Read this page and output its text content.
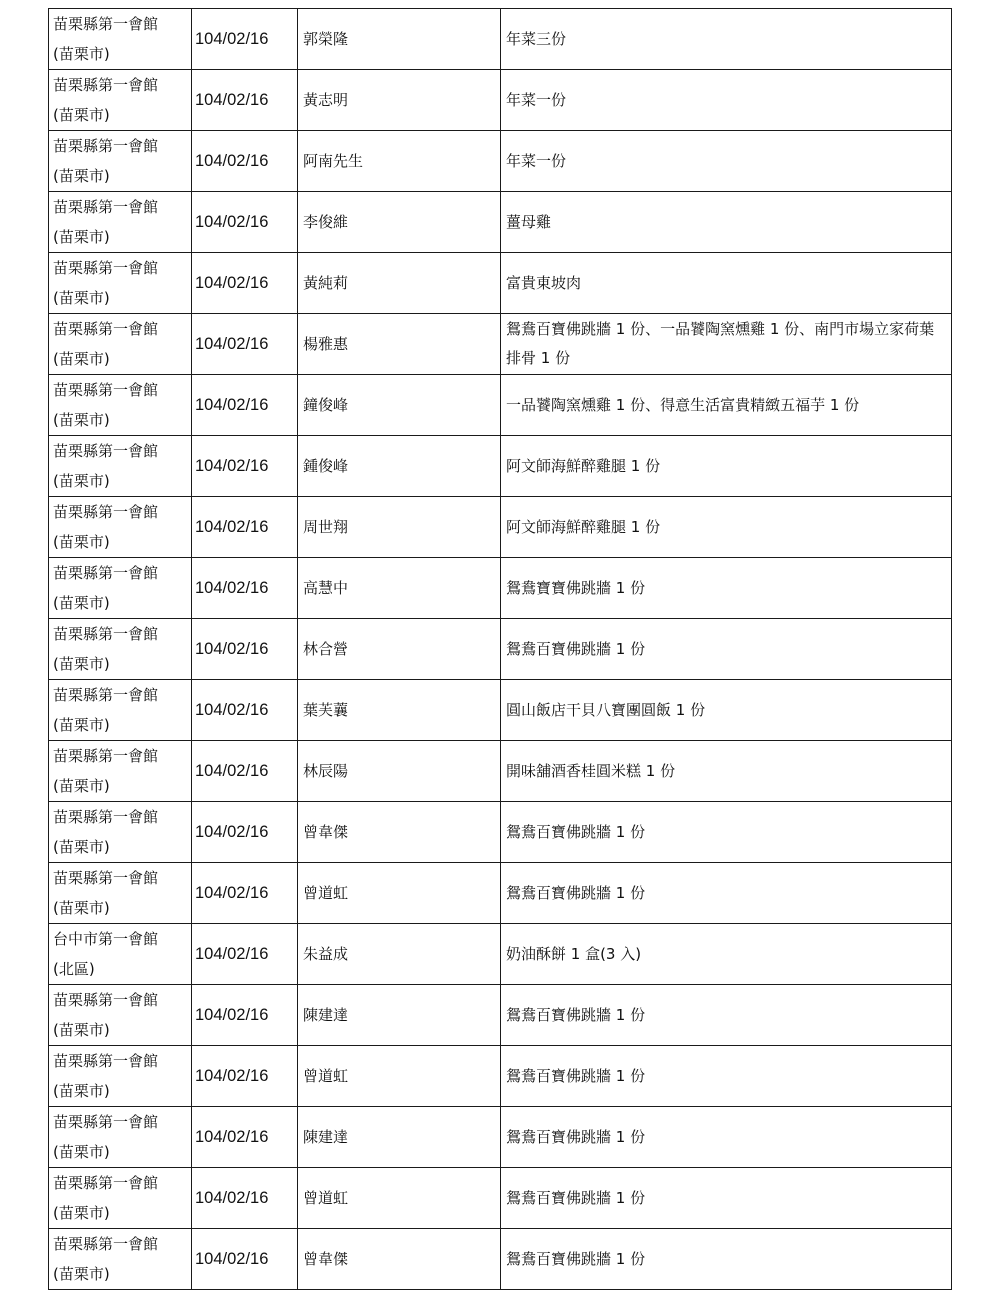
苗栗縣第一會館
(苗栗市)	104/02/16	郭榮隆	年菜三份

苗栗縣第一會館
(苗栗市)	104/02/16	黃志明	年菜一份

苗栗縣第一會館
(苗栗市)	104/02/16	阿南先生	年菜一份

苗栗縣第一會館
(苗栗市)	104/02/16	李俊維	薑母雞

苗栗縣第一會館
(苗栗市)	104/02/16	黃純莉	富貴東坡肉

苗栗縣第一會館
(苗栗市)	104/02/16	楊雅惠	鴛鴦百寶佛跳牆 1 份、一品饕陶窯燻雞 1 份、南門市場立家荷葉排骨 1 份

苗栗縣第一會館
(苗栗市)	104/02/16	鐘俊峰	一品饕陶窯燻雞 1 份、得意生活富貴精緻五福芋 1 份

苗栗縣第一會館
(苗栗市)	104/02/16	鍾俊峰	阿文師海鮮醉雞腿 1 份

苗栗縣第一會館
(苗栗市)	104/02/16	周世翔	阿文師海鮮醉雞腿 1 份

苗栗縣第一會館
(苗栗市)	104/02/16	高慧中	鴛鴦寶寶佛跳牆 1 份

苗栗縣第一會館
(苗栗市)	104/02/16	林合營	鴛鴦百寶佛跳牆 1 份

苗栗縣第一會館
(苗栗市)	104/02/16	葉芙蘘	圓山飯店干貝八寶團圓飯 1 份

苗栗縣第一會館
(苗栗市)	104/02/16	林辰陽	開味舖酒香桂圓米糕 1 份

苗栗縣第一會館
(苗栗市)	104/02/16	曾韋傑	鴛鴦百寶佛跳牆 1 份

苗栗縣第一會館
(苗栗市)	104/02/16	曾道虹	鴛鴦百寶佛跳牆 1 份

台中市第一會館
(北區)	104/02/16	朱益成	奶油酥餅 1 盒(3 入)

苗栗縣第一會館
(苗栗市)	104/02/16	陳建達	鴛鴦百寶佛跳牆 1 份

苗栗縣第一會館
(苗栗市)	104/02/16	曾道虹	鴛鴦百寶佛跳牆 1 份

苗栗縣第一會館
(苗栗市)	104/02/16	陳建達	鴛鴦百寶佛跳牆 1 份

苗栗縣第一會館
(苗栗市)	104/02/16	曾道虹	鴛鴦百寶佛跳牆 1 份

苗栗縣第一會館
(苗栗市)	104/02/16	曾韋傑	鴛鴦百寶佛跳牆 1 份
